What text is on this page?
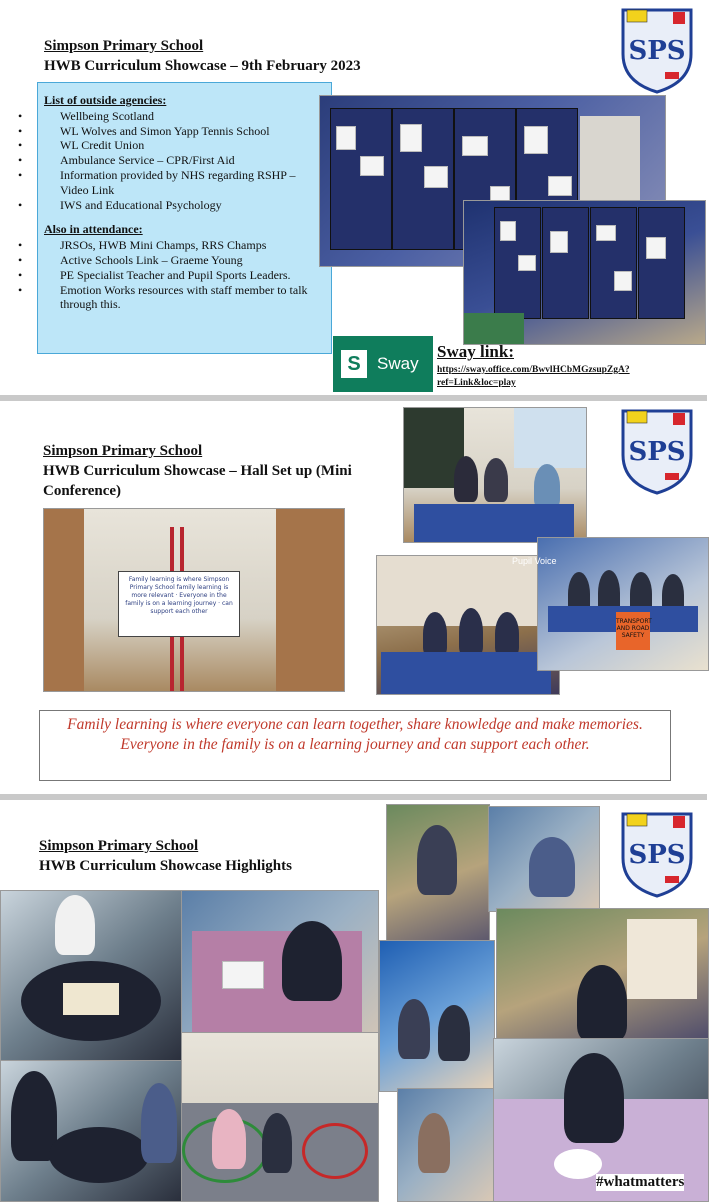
Simpson Primary School
HWB Curriculum Showcase – 9th February 2023	SPS
List of outside agencies:
• Wellbeing Scotland
• WL Wolves and Simon Yapp Tennis School
• WL Credit Union
• Ambulance Service – CPR/First Aid
• Information provided by NHS regarding RSHP – Video Link
• IWS and Educational Psychology
Also in attendance:
• JRSOs, HWB Mini Champs, RRS Champs
• Active Schools Link – Graeme Young
• PE Specialist Teacher and Pupil Sports Leaders.
• Emotion Works resources with staff member to talk through this.
S Sway
Sway link:
https://sway.office.com/BwvlHCbMGzsupZgA?ref=Link&loc=play
Simpson Primary School
HWB Curriculum Showcase – Hall Set up (Mini Conference)
SPS
Family learning is where Simpson Primary School family learning is more relevant · Everyone in the family is on a learning journey · can support each other
Pupil Voice
TRANSPORT AND ROAD SAFETY
Family learning is where everyone can learn together, share knowledge and make memories.
Everyone in the family is on a learning journey and can support each other.
Simpson Primary School
HWB Curriculum Showcase Highlights	SPS
#whatmatters
